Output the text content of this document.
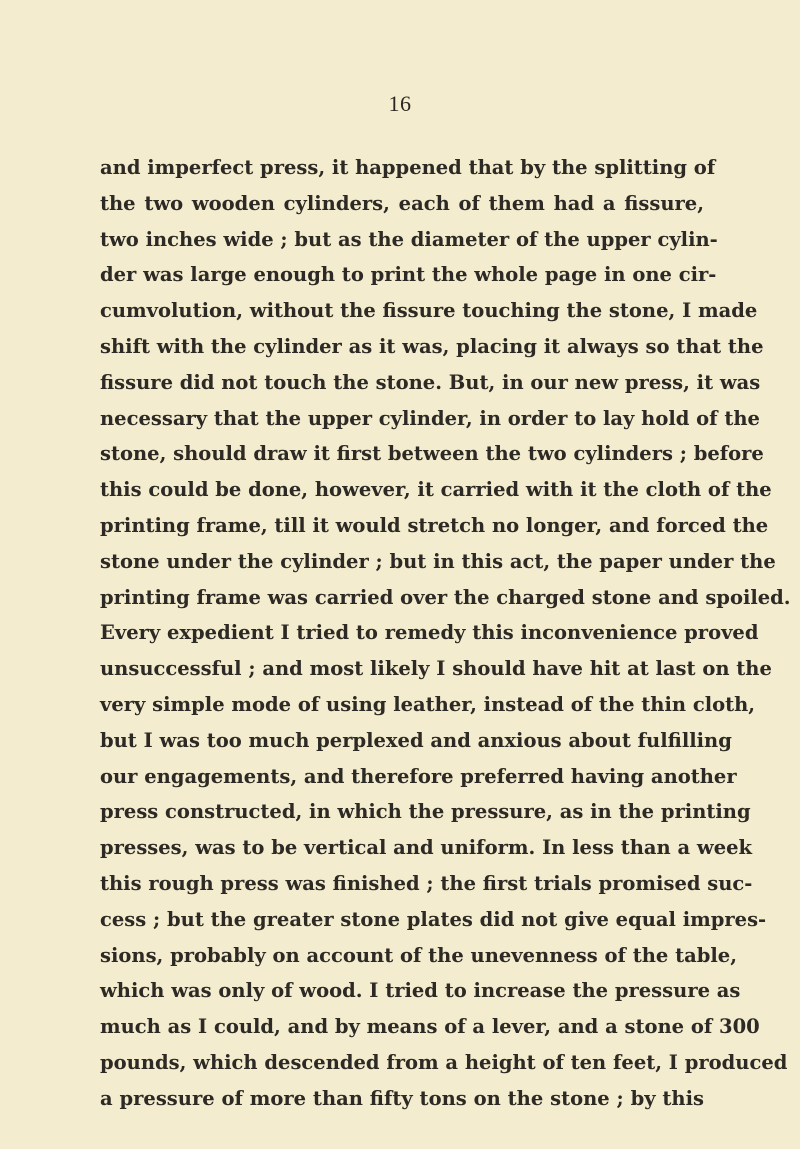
16
and imperfect press, it happened that by the splitting of
the two wooden cylinders, each of them had a fissure,
two inches wide ; but as the diameter of the upper cylin-
der was large enough to print the whole page in one cir-
cumvolution, without the fissure touching the stone, I made
shift with the cylinder as it was, placing it always so that the
fissure did not touch the stone. But, in our new press, it was
necessary that the upper cylinder, in order to lay hold of the
stone, should draw it first between the two cylinders ; before
this could be done, however, it carried with it the cloth of the
printing frame, till it would stretch no longer, and forced the
stone under the cylinder ; but in this act, the paper under the
printing frame was carried over the charged stone and spoiled.
Every expedient I tried to remedy this inconvenience proved
unsuccessful ; and most likely I should have hit at last on the
very simple mode of using leather, instead of the thin cloth,
but I was too much perplexed and anxious about fulfilling
our engagements, and therefore preferred having another
press constructed, in which the pressure, as in the printing
presses, was to be vertical and uniform. In less than a week
this rough press was finished ; the first trials promised suc-
cess ; but the greater stone plates did not give equal impres-
sions, probably on account of the unevenness of the table,
which was only of wood. I tried to increase the pressure as
much as I could, and by means of a lever, and a stone of 300
pounds, which descended from a height of ten feet, I produced
a pressure of more than fifty tons on the stone ; by this
